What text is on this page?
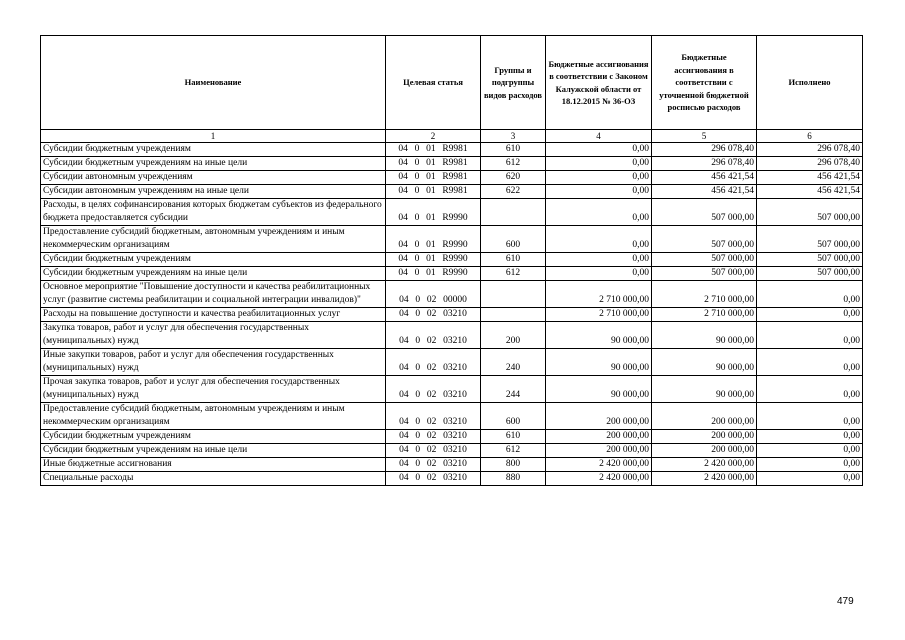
Наименование	Целевая статья	Группы и подгруппы видов расходов	Бюджетные ассигнования в соответствии с Законом Калужской области от 18.12.2015 № 36-ОЗ	Бюджетные ассигнования в соответствии с уточненной бюджетной росписью расходов	Исполнено
1	2	3	4	5	6
Субсидии бюджетным учреждениям	04  0  01  R9981	610	0,00	296 078,40	296 078,40
Субсидии бюджетным учреждениям на иные цели	04  0  01  R9981	612	0,00	296 078,40	296 078,40
Субсидии автономным учреждениям	04  0  01  R9981	620	0,00	456 421,54	456 421,54
Субсидии автономным учреждениям на иные цели	04  0  01  R9981	622	0,00	456 421,54	456 421,54
Расходы, в целях софинансирования которых бюджетам субъектов из федерального бюджета предоставляется субсидии	04  0  01  R9990		0,00	507 000,00	507 000,00
Предоставление субсидий бюджетным, автономным учреждениям и иным некоммерческим организациям	04  0  01  R9990	600	0,00	507 000,00	507 000,00
Субсидии бюджетным учреждениям	04  0  01  R9990	610	0,00	507 000,00	507 000,00
Субсидии бюджетным учреждениям на иные цели	04  0  01  R9990	612	0,00	507 000,00	507 000,00
Основное мероприятие "Повышение доступности и качества реабилитационных услуг (развитие системы реабилитации и социальной интеграции инвалидов)"	04  0  02  00000		2 710 000,00	2 710 000,00	0,00
Расходы на повышение доступности и качества реабилитационных услуг	04  0  02  03210		2 710 000,00	2 710 000,00	0,00
Закупка товаров, работ и услуг для обеспечения государственных (муниципальных) нужд	04  0  02  03210	200	90 000,00	90 000,00	0,00
Иные закупки товаров, работ и услуг для обеспечения государственных (муниципальных) нужд	04  0  02  03210	240	90 000,00	90 000,00	0,00
Прочая закупка товаров, работ и услуг для обеспечения государственных (муниципальных) нужд	04  0  02  03210	244	90 000,00	90 000,00	0,00
Предоставление субсидий бюджетным, автономным учреждениям и иным некоммерческим организациям	04  0  02  03210	600	200 000,00	200 000,00	0,00
Субсидии бюджетным учреждениям	04  0  02  03210	610	200 000,00	200 000,00	0,00
Субсидии бюджетным учреждениям на иные цели	04  0  02  03210	612	200 000,00	200 000,00	0,00
Иные бюджетные ассигнования	04  0  02  03210	800	2 420 000,00	2 420 000,00	0,00
Специальные расходы	04  0  02  03210	880	2 420 000,00	2 420 000,00	0,00
479
